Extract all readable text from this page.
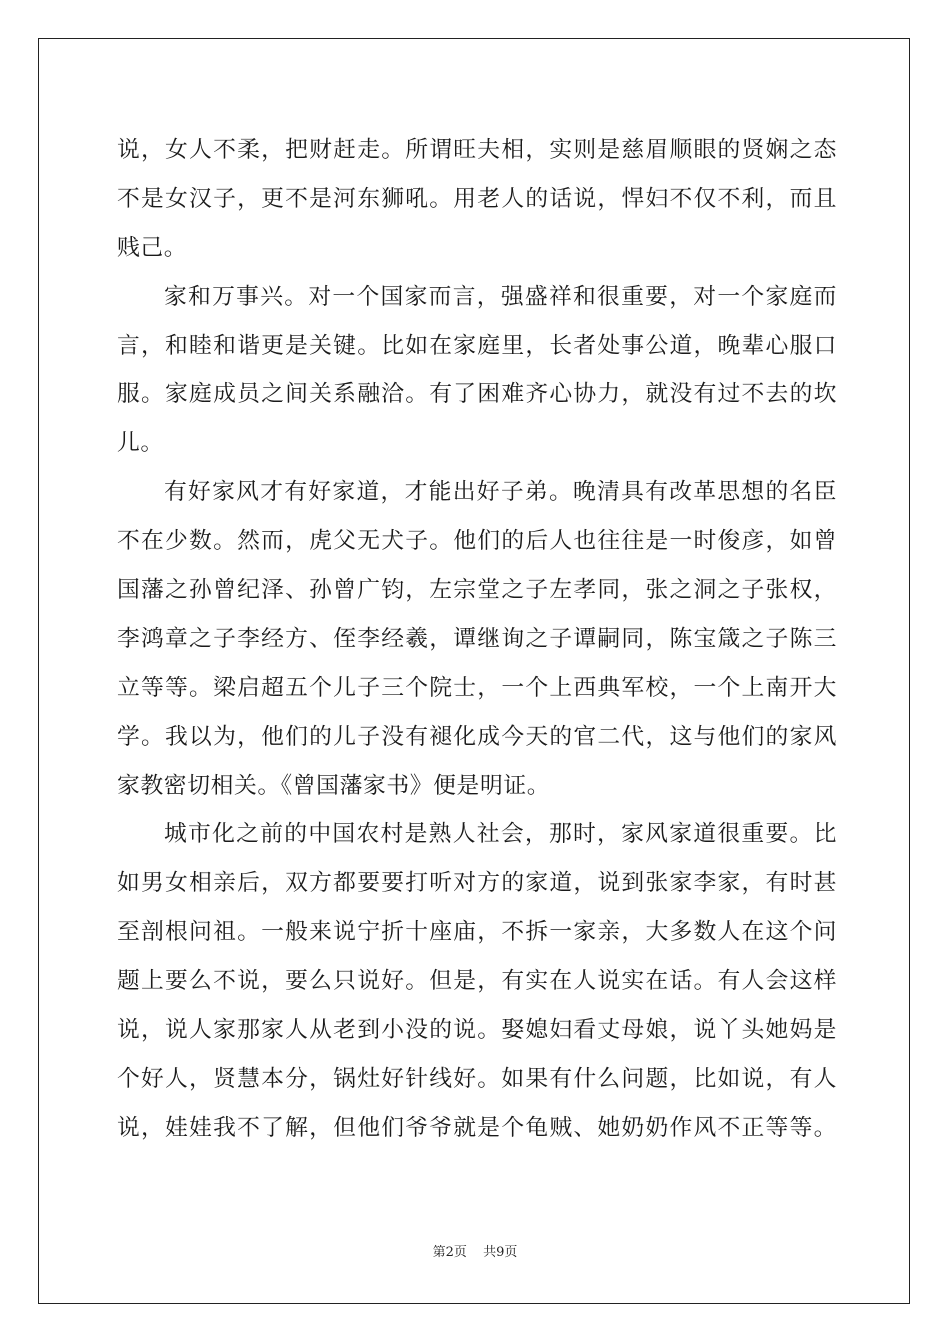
说，女人不柔，把财赶走。所谓旺夫相，实则是慈眉顺眼的贤娴之态
不是女汉子，更不是河东狮吼。用老人的话说，悍妇不仅不利，而且
贱己。
家和万事兴。对一个国家而言，强盛祥和很重要，对一个家庭而
言，和睦和谐更是关键。比如在家庭里，长者处事公道，晚辈心服口
服。家庭成员之间关系融洽。有了困难齐心协力，就没有过不去的坎
儿。
有好家风才有好家道，才能出好子弟。晚清具有改革思想的名臣
不在少数。然而，虎父无犬子。他们的后人也往往是一时俊彦，如曾
国藩之孙曾纪泽、孙曾广钧，左宗堂之子左孝同，张之洞之子张权，
李鸿章之子李经方、侄李经羲，谭继询之子谭嗣同，陈宝箴之子陈三
立等等。梁启超五个儿子三个院士，一个上西典军校，一个上南开大
学。我以为，他们的儿子没有褪化成今天的官二代，这与他们的家风
家教密切相关。《曾国藩家书》便是明证。
城市化之前的中国农村是熟人社会，那时，家风家道很重要。比
如男女相亲后，双方都要要打听对方的家道，说到张家李家，有时甚
至剖根问祖。一般来说宁折十座庙，不拆一家亲，大多数人在这个问
题上要么不说，要么只说好。但是，有实在人说实在话。有人会这样
说，说人家那家人从老到小没的说。娶媳妇看丈母娘，说丫头她妈是
个好人，贤慧本分，锅灶好针线好。如果有什么问题，比如说，有人
说，娃娃我不了解，但他们爷爷就是个龟贼、她奶奶作风不正等等。
第2页 共9页
